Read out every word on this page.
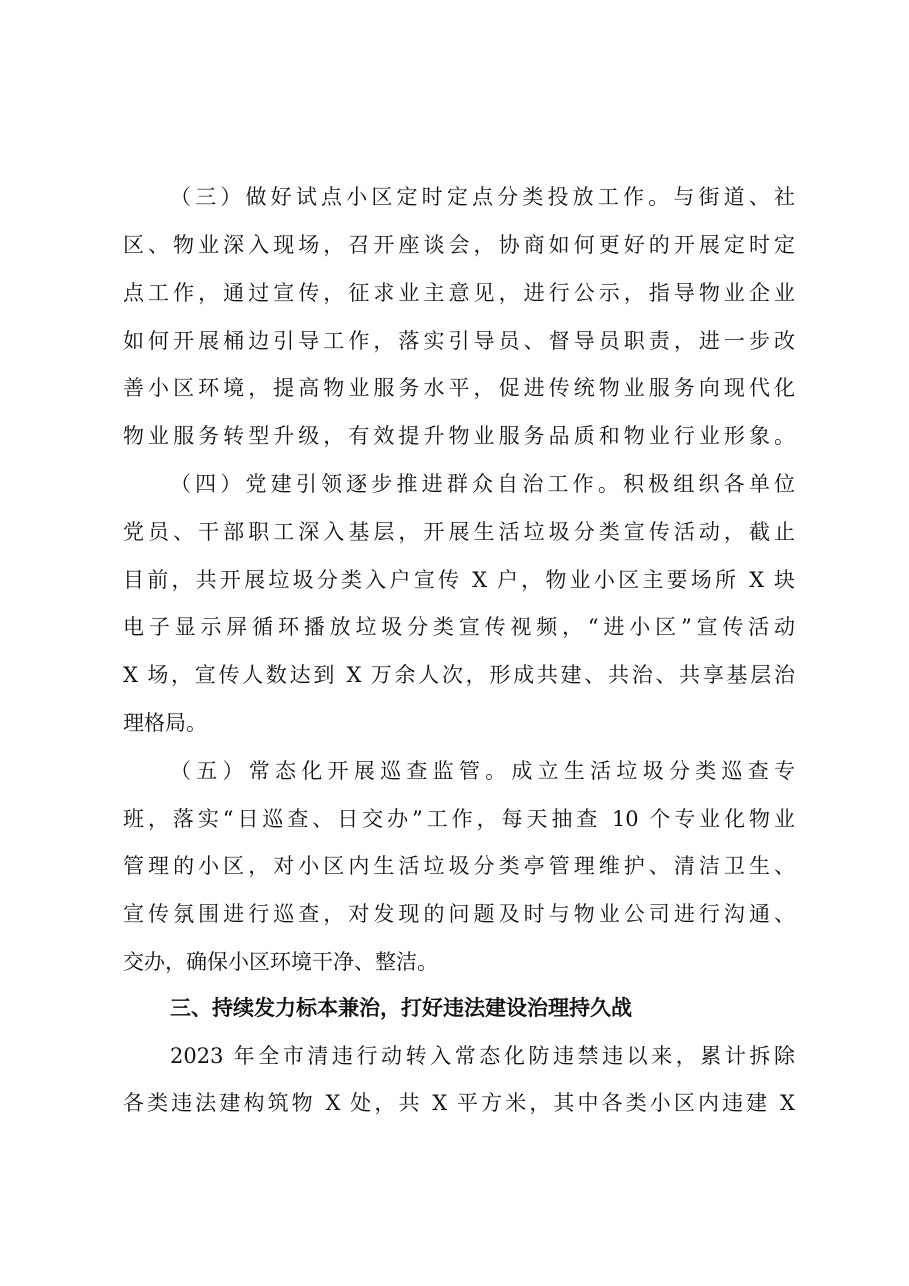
（三）做好试点小区定时定点分类投放工作。与街道、社
区、物业深入现场，召开座谈会，协商如何更好的开展定时定
点工作，通过宣传，征求业主意见，进行公示，指导物业企业
如何开展桶边引导工作，落实引导员、督导员职责，进一步改
善小区环境，提高物业服务水平，促进传统物业服务向现代化
物业服务转型升级，有效提升物业服务品质和物业行业形象。
（四）党建引领逐步推进群众自治工作。积极组织各单位
党员、干部职工深入基层，开展生活垃圾分类宣传活动，截止
目前，共开展垃圾分类入户宣传 X 户，物业小区主要场所 X 块
电子显示屏循环播放垃圾分类宣传视频，“进小区”宣传活动
X 场，宣传人数达到 X 万余人次，形成共建、共治、共享基层治
理格局。
（五）常态化开展巡查监管。成立生活垃圾分类巡查专
班，落实“日巡查、日交办”工作，每天抽查 10 个专业化物业
管理的小区，对小区内生活垃圾分类亭管理维护、清洁卫生、
宣传氛围进行巡查，对发现的问题及时与物业公司进行沟通、
交办，确保小区环境干净、整洁。
三、持续发力标本兼治，打好违法建设治理持久战
2023 年全市清违行动转入常态化防违禁违以来，累计拆除
各类违法建构筑物 X 处，共 X 平方米，其中各类小区内违建 X
